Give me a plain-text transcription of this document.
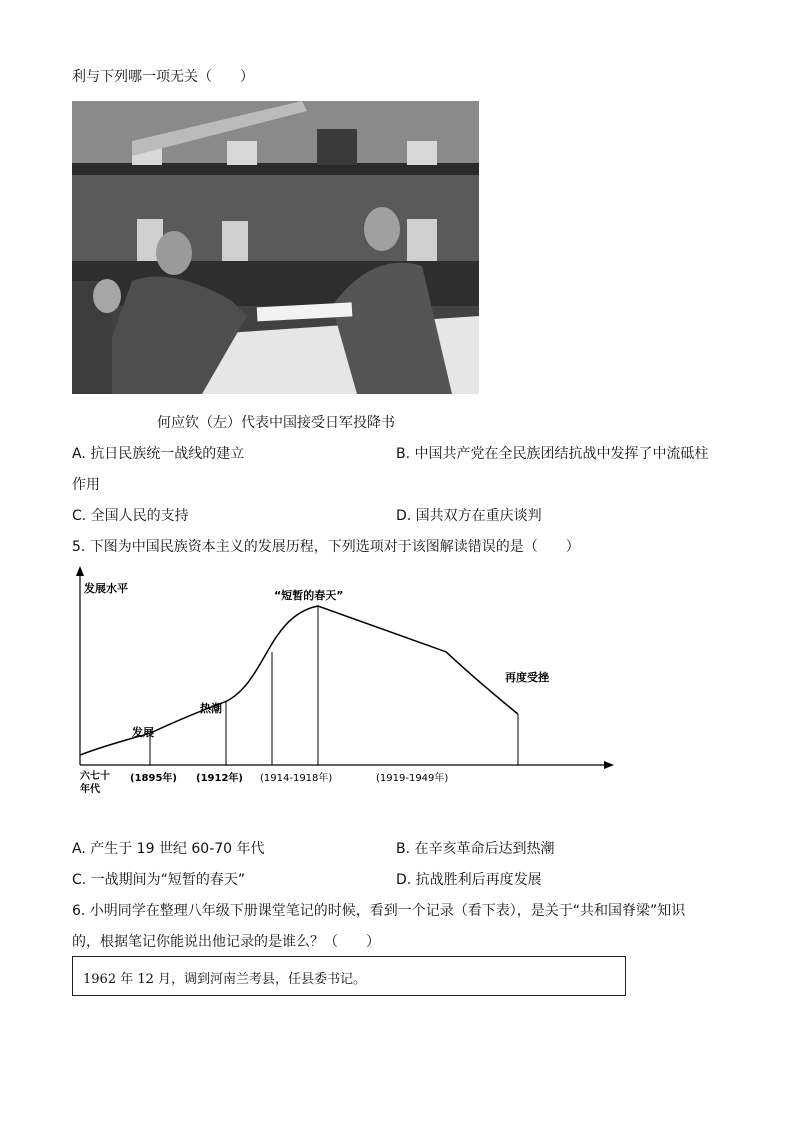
利与下列哪一项无关（　　）
何应钦（左）代表中国接受日军投降书
A. 抗日民族统一战线的建立	B. 中国共产党在全民族团结抗战中发挥了中流砥柱
作用
C. 全国人民的支持	D. 国共双方在重庆谈判
5. 下图为中国民族资本主义的发展历程，下列选项对于该图解读错误的是（　　）
发展水平
发展
热潮
“短暂的春天”
再度受挫
六七十
年代
(1895年) (1912年) (1914-1918年)	(1919-1949年)
A. 产生于 19 世纪 60-70 年代	B. 在辛亥革命后达到热潮
C. 一战期间为“短暂的春天”	D. 抗战胜利后再度发展
6. 小明同学在整理八年级下册课堂笔记的时候，看到一个记录（看下表），是关于“共和国脊梁”知识
的，根据笔记你能说出他记录的是谁么？（　　）
1962 年 12 月，调到河南兰考县，任县委书记。
